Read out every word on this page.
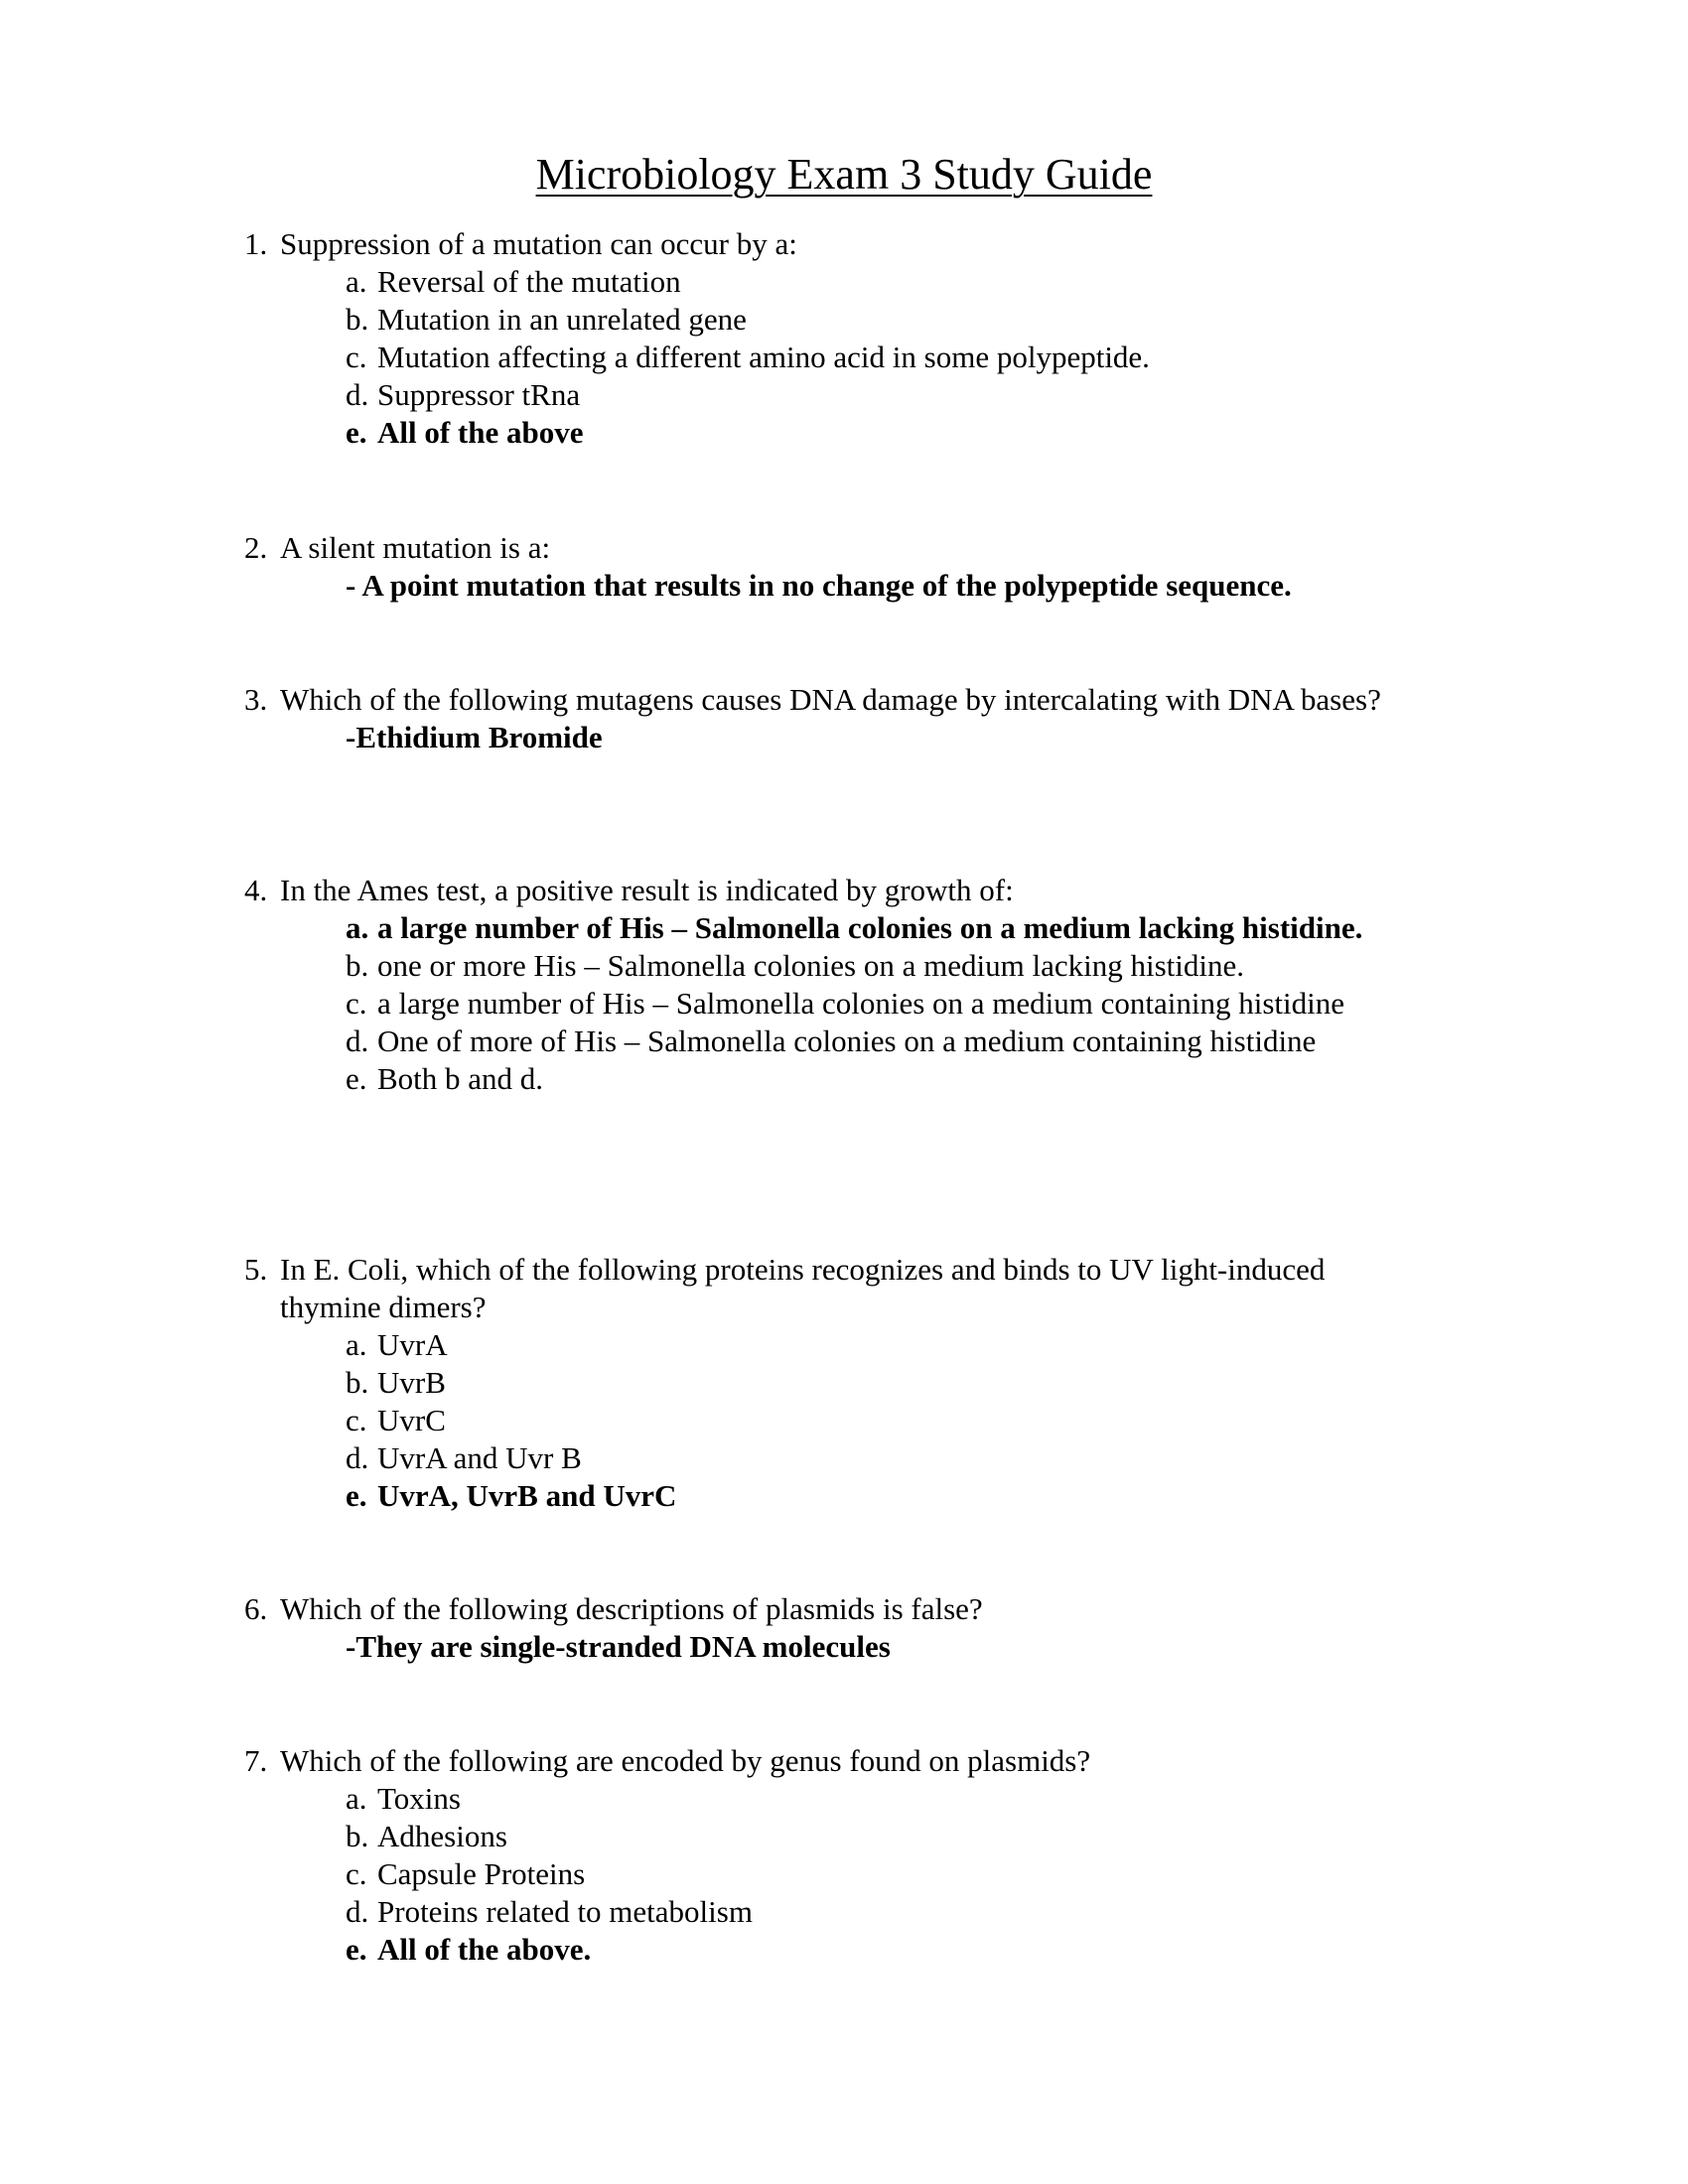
Microbiology Exam 3 Study Guide
1. Suppression of a mutation can occur by a:
a. Reversal of the mutation
b. Mutation in an unrelated gene
c. Mutation affecting a different amino acid in some polypeptide.
d. Suppressor tRna
e. All of the above
2. A silent mutation is a:
- A point mutation that results in no change of the polypeptide sequence.
3. Which of the following mutagens causes DNA damage by intercalating with DNA bases?
-Ethidium Bromide
4. In the Ames test, a positive result is indicated by growth of:
a. a large number of His – Salmonella colonies on a medium lacking histidine.
b. one or more His – Salmonella colonies on a medium lacking histidine.
c. a large number of His – Salmonella colonies on a medium containing histidine
d. One of more of His – Salmonella colonies on a medium containing histidine
e. Both b and d.
5. In E. Coli, which of the following proteins recognizes and binds to UV light-induced thymine dimers?
a. UvrA
b. UvrB
c. UvrC
d. UvrA and Uvr B
e. UvrA, UvrB and UvrC
6. Which of the following descriptions of plasmids is false?
-They are single-stranded DNA molecules
7. Which of the following are encoded by genus found on plasmids?
a. Toxins
b. Adhesions
c. Capsule Proteins
d. Proteins related to metabolism
e. All of the above.
